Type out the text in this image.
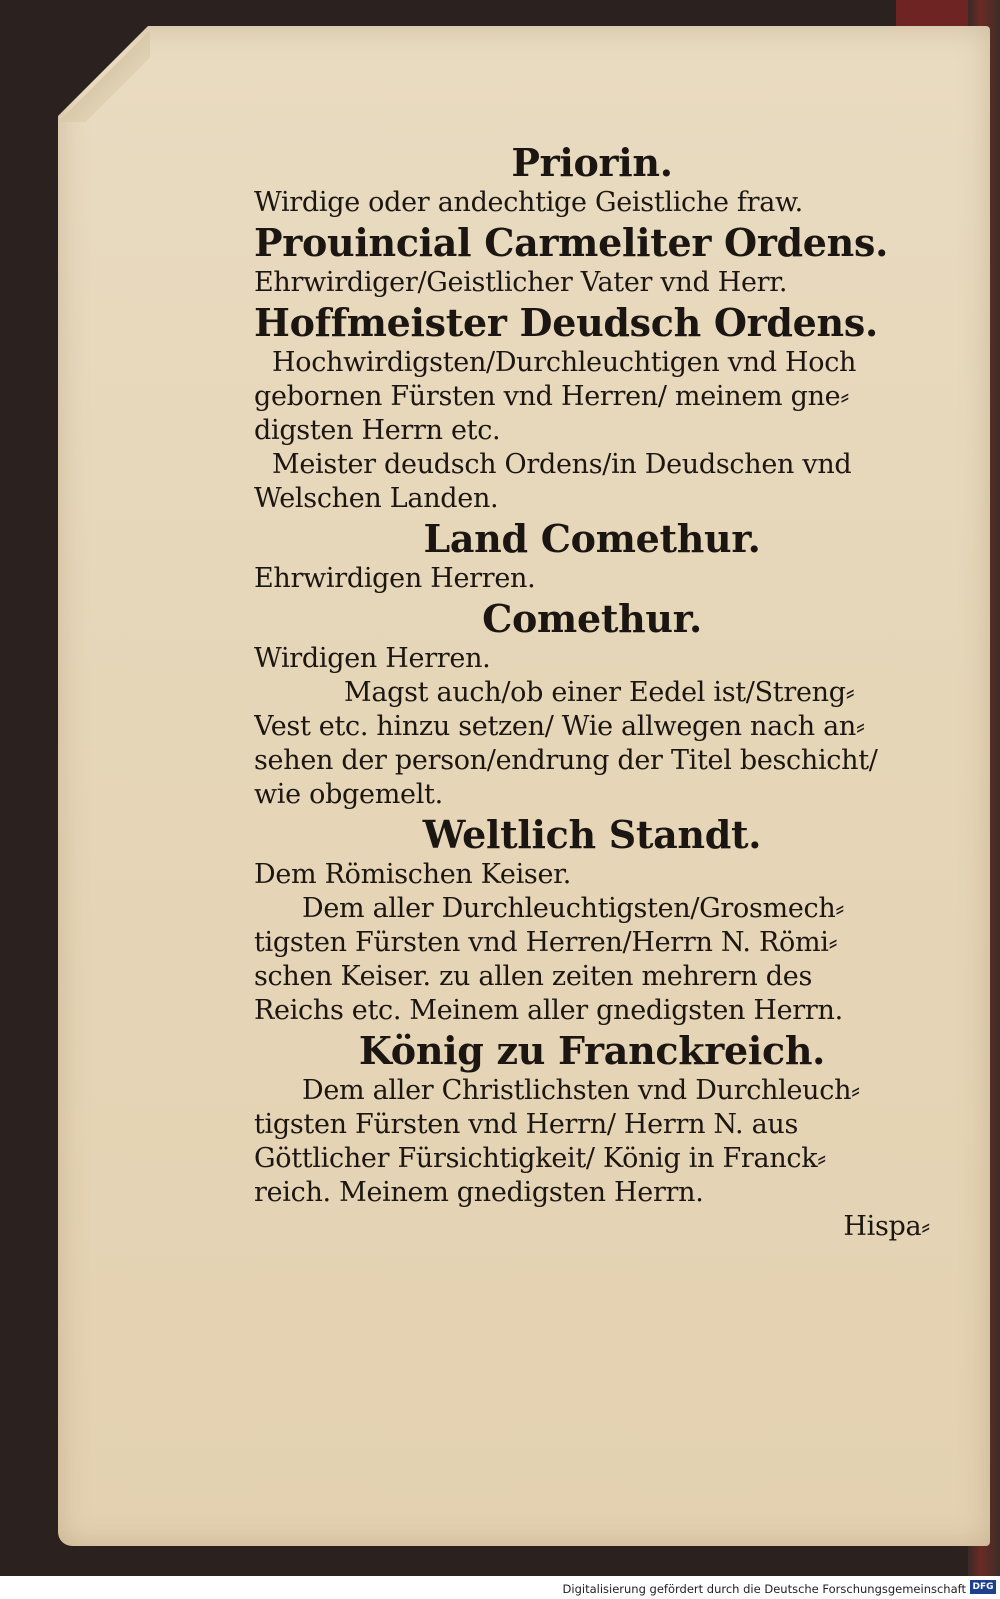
Priorin.
Wirdige oder andechtige Geistliche fraw.
Prouincial Carmeliter Ordens.
Ehrwirdiger/Geistlicher Vater vnd Herr.
Hoffmeister Deudsch Ordens.
Hochwirdigsten/Durchleuchtigen vnd Hoch
gebornen Fürsten vnd Herren/ meinem gne⸗
digsten Herrn etc.
Meister deudsch Ordens/in Deudschen vnd
Welschen Landen.
Land Comethur.
Ehrwirdigen Herren.
Comethur.
Wirdigen Herren.
Magst auch/ob einer Eedel ist/Streng⸗
Vest etc. hinzu setzen/ Wie allwegen nach an⸗
sehen der person/endrung der Titel beschicht/
wie obgemelt.
Weltlich Standt.
Dem Römischen Keiser.
Dem aller Durchleuchtigsten/Grosmech⸗
tigsten Fürsten vnd Herren/Herrn N. Römi⸗
schen Keiser. zu allen zeiten mehrern des
Reichs etc. Meinem aller gnedigsten Herrn.
König zu Franckreich.
Dem aller Christlichsten vnd Durchleuch⸗
tigsten Fürsten vnd Herrn/ Herrn N. aus
Göttlicher Fürsichtigkeit/ König in Franck⸗
reich. Meinem gnedigsten Herrn.
Hispa⸗
Digitalisierung gefördert durch die Deutsche Forschungsgemeinschaft DFG
